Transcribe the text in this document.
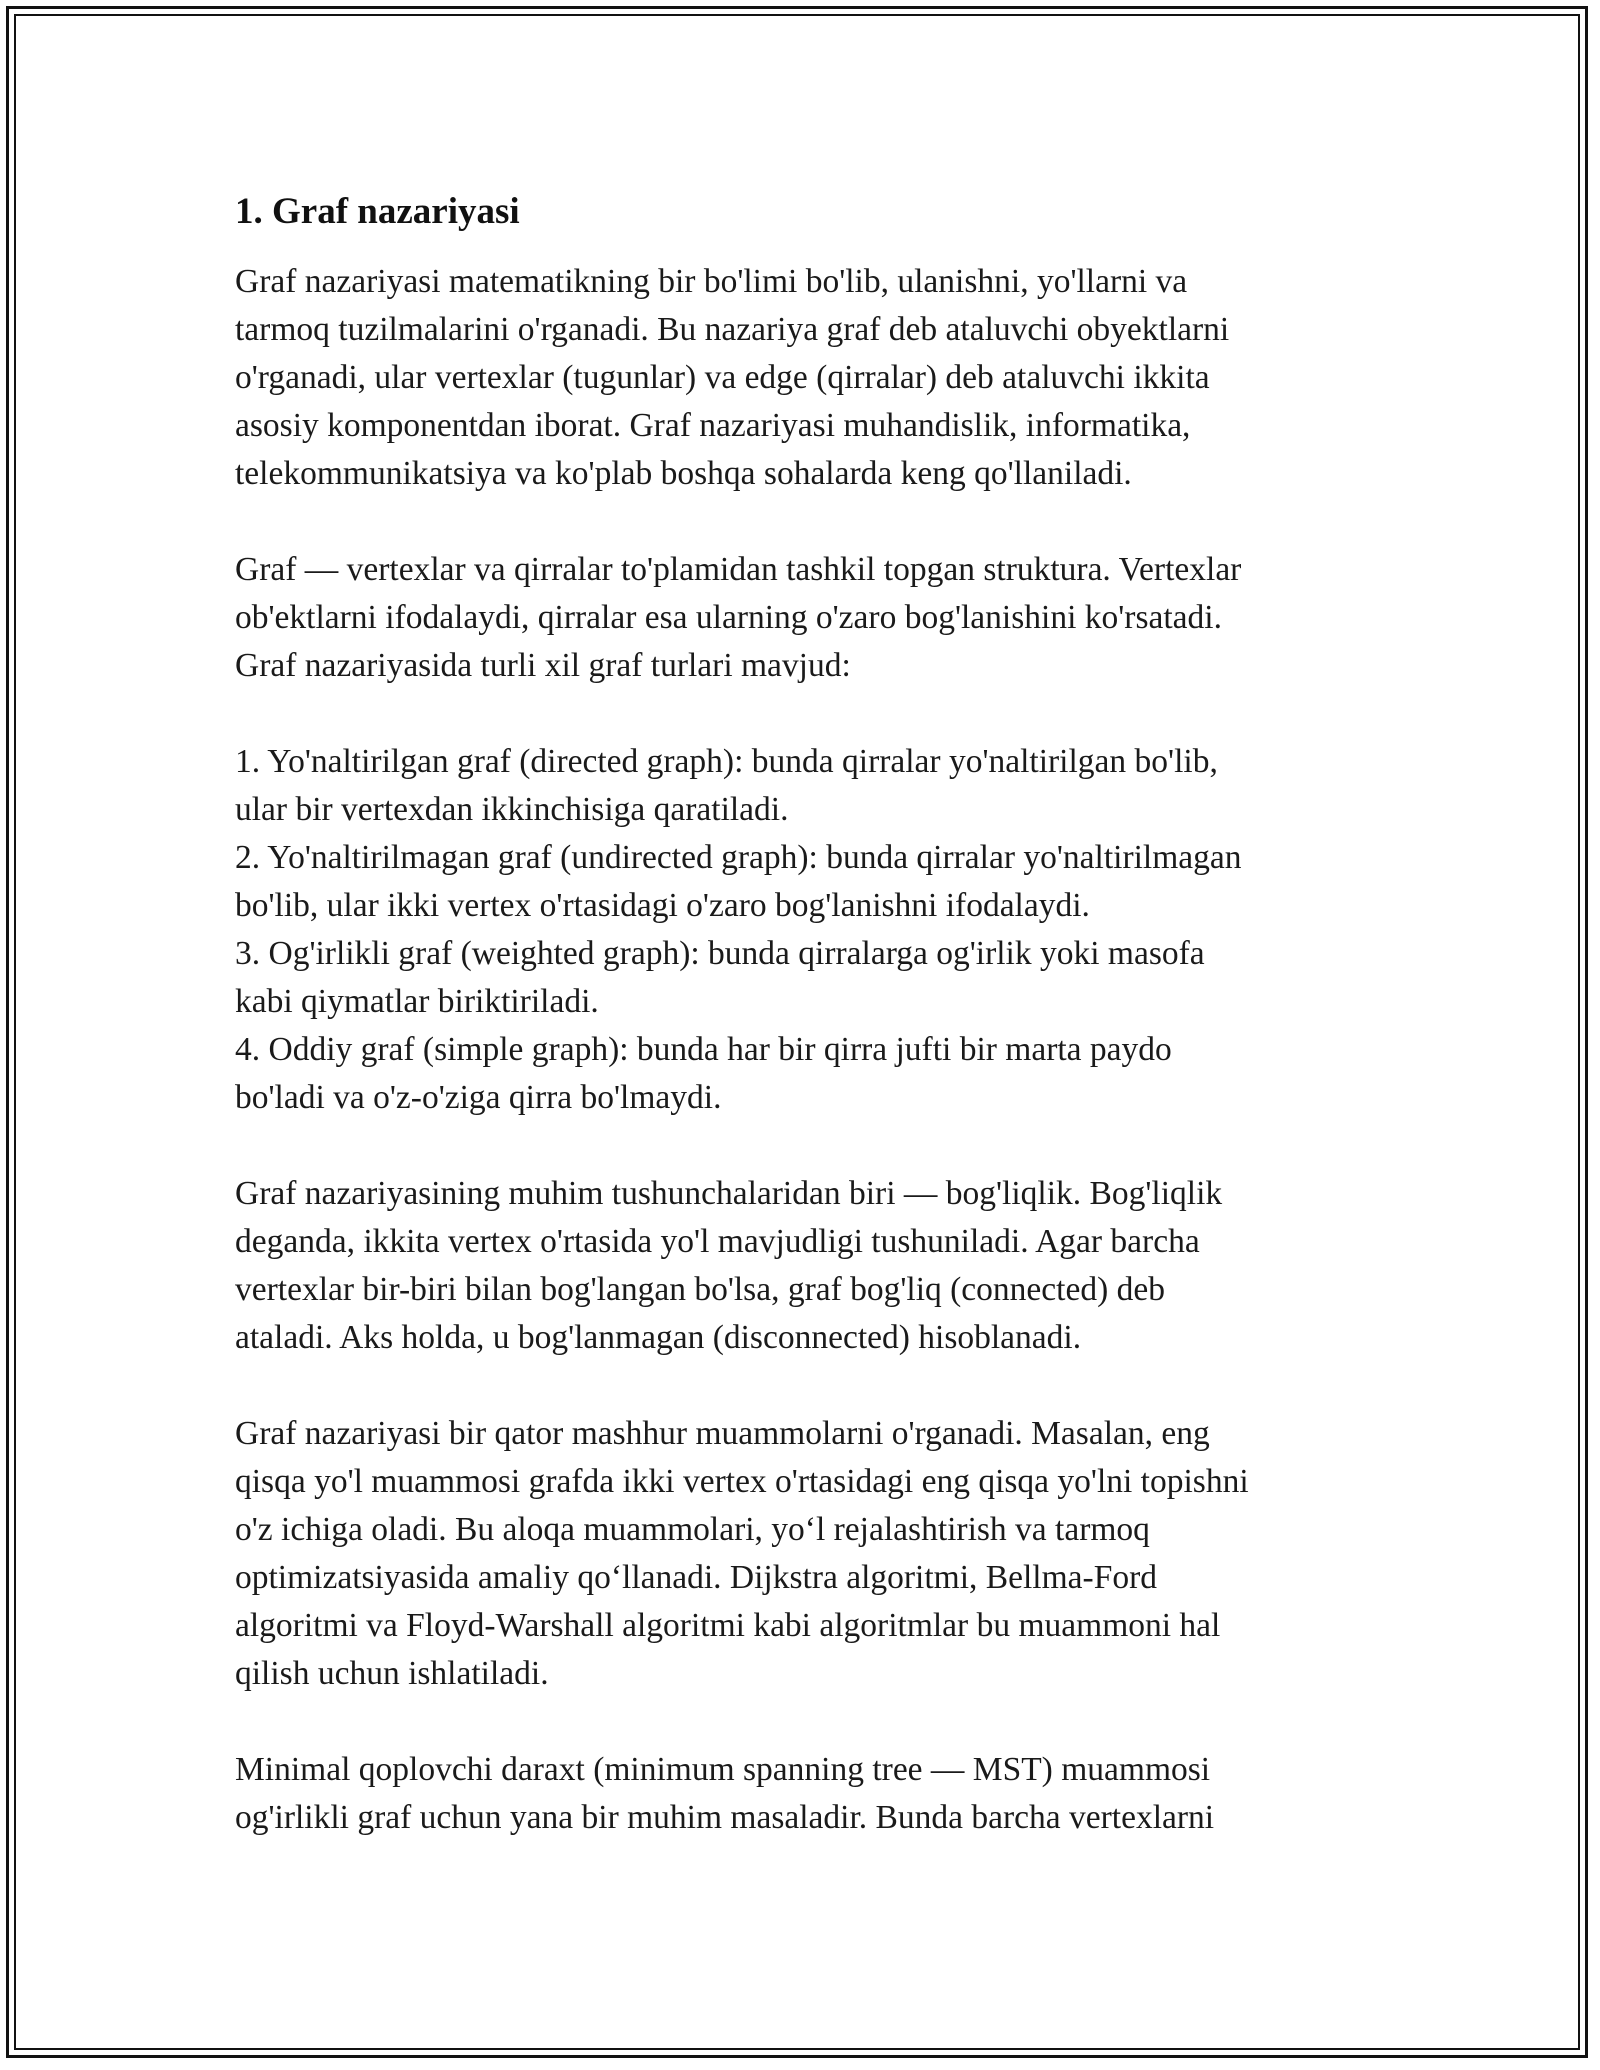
1. Graf nazariyasi
Graf nazariyasi matematikning bir bo'limi bo'lib, ulanishni, yo'llarni va
tarmoq tuzilmalarini o'rganadi. Bu nazariya graf deb ataluvchi obyektlarni
o'rganadi, ular vertexlar (tugunlar) va edge (qirralar) deb ataluvchi ikkita
asosiy komponentdan iborat. Graf nazariyasi muhandislik, informatika,
telekommunikatsiya va ko'plab boshqa sohalarda keng qo'llaniladi.
Graf — vertexlar va qirralar to'plamidan tashkil topgan struktura. Vertexlar
ob'ektlarni ifodalaydi, qirralar esa ularning o'zaro bog'lanishini ko'rsatadi.
Graf nazariyasida turli xil graf turlari mavjud:
1. Yo'naltirilgan graf (directed graph): bunda qirralar yo'naltirilgan bo'lib,
ular bir vertexdan ikkinchisiga qaratiladi.
2. Yo'naltirilmagan graf (undirected graph): bunda qirralar yo'naltirilmagan
bo'lib, ular ikki vertex o'rtasidagi o'zaro bog'lanishni ifodalaydi.
3. Og'irlikli graf (weighted graph): bunda qirralarga og'irlik yoki masofa
kabi qiymatlar biriktiriladi.
4. Oddiy graf (simple graph): bunda har bir qirra jufti bir marta paydo
bo'ladi va o'z-o'ziga qirra bo'lmaydi.
Graf nazariyasining muhim tushunchalaridan biri — bog'liqlik. Bog'liqlik
deganda, ikkita vertex o'rtasida yo'l mavjudligi tushuniladi. Agar barcha
vertexlar bir-biri bilan bog'langan bo'lsa, graf bog'liq (connected) deb
ataladi. Aks holda, u bog'lanmagan (disconnected) hisoblanadi.
Graf nazariyasi bir qator mashhur muammolarni o'rganadi. Masalan, eng
qisqa yo'l muammosi grafda ikki vertex o'rtasidagi eng qisqa yo'lni topishni
o'z ichiga oladi. Bu aloqa muammolari, yo‘l rejalashtirish va tarmoq
optimizatsiyasida amaliy qo‘llanadi. Dijkstra algoritmi, Bellma-Ford
algoritmi va Floyd-Warshall algoritmi kabi algoritmlar bu muammoni hal
qilish uchun ishlatiladi.
Minimal qoplovchi daraxt (minimum spanning tree — MST) muammosi
og'irlikli graf uchun yana bir muhim masaladir. Bunda barcha vertexlarni
